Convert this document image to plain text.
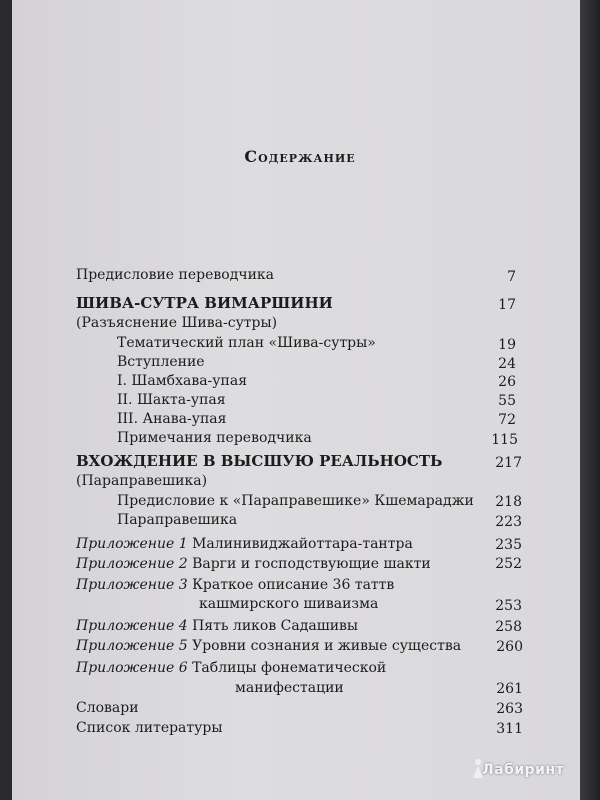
Содержание
Предисловие переводчика	7
ШИВА-СУТРА ВИМАРШИНИ	17
(Разъяснение Шива-сутры)
Тематический план «Шива-сутры»	19
Вступление	24
I. Шамбхава-упая	26
II. Шакта-упая	55
III. Анава-упая	72
Примечания переводчика	115
ВХОЖДЕНИЕ В ВЫСШУЮ РЕАЛЬНОСТЬ	217
(Параправешика)
Предисловие к «Параправешике» Кшемараджи	218
Параправешика	223
Приложение 1 Малинивиджайоттара-тантра	235
Приложение 2 Варги и господствующие шакти	252
Приложение 3 Краткое описание 36 таттв
кашмирского шиваизма	253
Приложение 4 Пять ликов Садашивы	258
Приложение 5 Уровни сознания и живые существа	260
Приложение 6 Таблицы фонематической
манифестации	261
Словари	263
Список литературы	311
Лабиринт
